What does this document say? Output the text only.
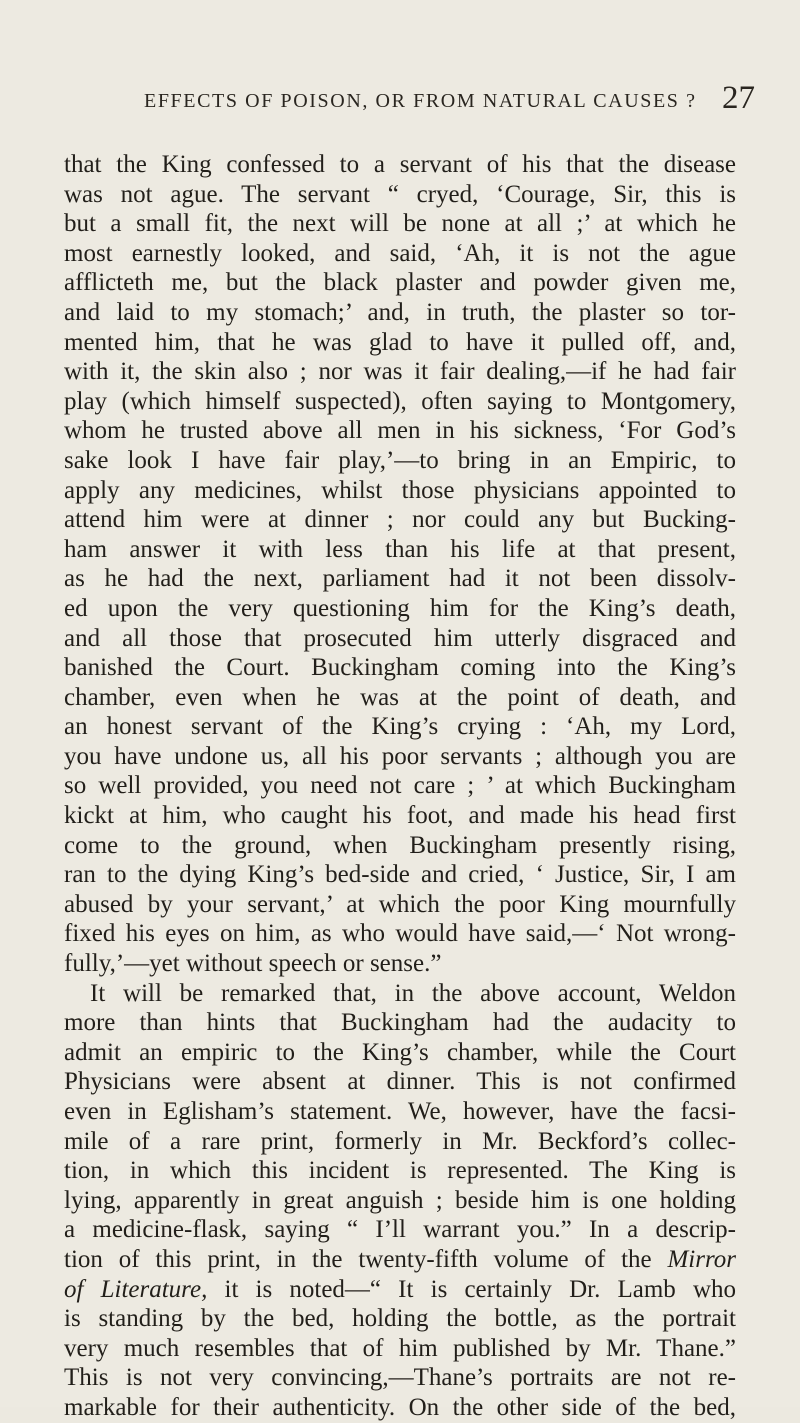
EFFECTS OF POISON, OR FROM NATURAL CAUSES ? 27
that the King confessed to a servant of his that the disease
was not ague. The servant “ cryed, ‘Courage, Sir, this is
but a small fit, the next will be none at all ;’ at which he
most earnestly looked, and said, ‘Ah, it is not the ague
afflicteth me, but the black plaster and powder given me,
and laid to my stomach;’ and, in truth, the plaster so tor-
mented him, that he was glad to have it pulled off, and,
with it, the skin also ; nor was it fair dealing,—if he had fair
play (which himself suspected), often saying to Montgomery,
whom he trusted above all men in his sickness, ‘For God’s
sake look I have fair play,’—to bring in an Empiric, to
apply any medicines, whilst those physicians appointed to
attend him were at dinner ; nor could any but Bucking-
ham answer it with less than his life at that present,
as he had the next, parliament had it not been dissolv-
ed upon the very questioning him for the King’s death,
and all those that prosecuted him utterly disgraced and
banished the Court. Buckingham coming into the King’s
chamber, even when he was at the point of death, and
an honest servant of the King’s crying : ‘Ah, my Lord,
you have undone us, all his poor servants ; although you are
so well provided, you need not care ; ’ at which Buckingham
kickt at him, who caught his foot, and made his head first
come to the ground, when Buckingham presently rising,
ran to the dying King’s bed-side and cried, ‘ Justice, Sir, I am
abused by your servant,’ at which the poor King mournfully
fixed his eyes on him, as who would have said,—‘ Not wrong-
fully,’—yet without speech or sense.”
It will be remarked that, in the above account, Weldon
more than hints that Buckingham had the audacity to
admit an empiric to the King’s chamber, while the Court
Physicians were absent at dinner. This is not confirmed
even in Eglisham’s statement. We, however, have the facsi-
mile of a rare print, formerly in Mr. Beckford’s collec-
tion, in which this incident is represented. The King is
lying, apparently in great anguish ; beside him is one holding
a medicine-flask, saying “ I’ll warrant you.” In a descrip-
tion of this print, in the twenty-fifth volume of the Mirror
of Literature, it is noted—“ It is certainly Dr. Lamb who
is standing by the bed, holding the bottle, as the portrait
very much resembles that of him published by Mr. Thane.”
This is not very convincing,—Thane’s portraits are not re-
markable for their authenticity. On the other side of the bed,
